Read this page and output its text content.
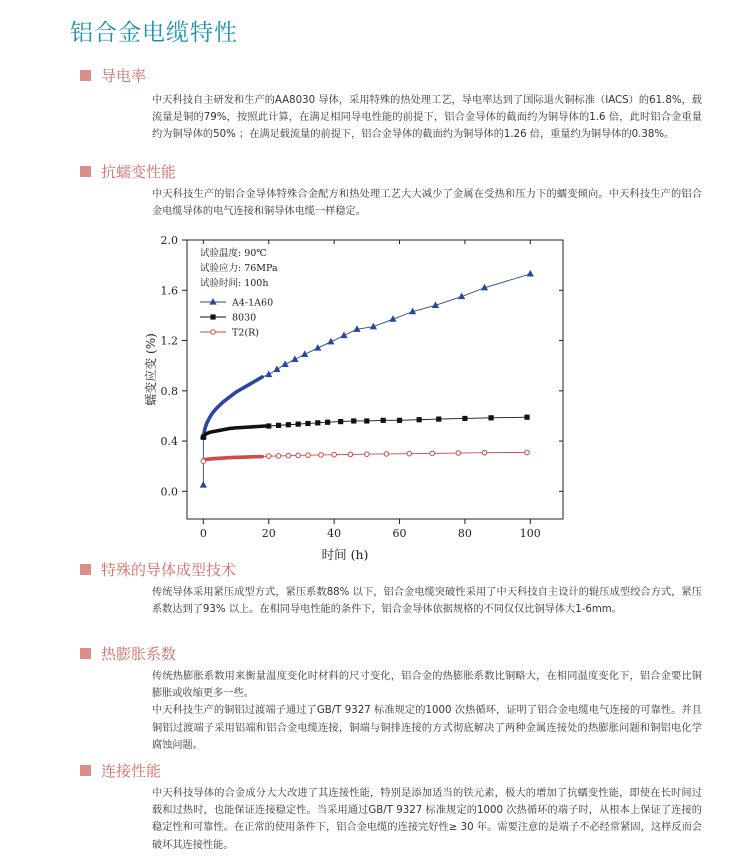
铝合金电缆特性
导电率

中天科技自主研发和生产的AA8030 导体，采用特殊的热处理工艺，导电率达到了国际退火铜标准（IACS）的61.8%，载流量是铜的79%，按照此计算，在满足相同导电性能的前提下，铝合金导体的截面约为铜导体的1.6 倍，此时铝合金重量约为铜导体的50% ；在满足载流量的前提下，铝合金导体的截面约为铜导体的1.26 倍，重量约为铜导体的0.38%。

抗蠕变性能

中天科技生产的铝合金导体特殊合金配方和热处理工艺大大减少了金属在受热和压力下的蠕变倾向。中天科技生产的铝合金电缆导体的电气连接和铜导体电缆一样稳定。

0	20	40	60	80	100
0.0
0.4
0.8
1.2
1.6
2.0
时间 (h)
蠕变应变 (%)
试验温度: 90℃
试验应力: 76MPa
试验时间: 100h
A4-1A60
8030
T2(R)
特殊的导体成型技术

传统导体采用紧压成型方式，紧压系数88% 以下，铝合金电缆突破性采用了中天科技自主设计的辊压成型绞合方式，紧压系数达到了93% 以上。在相同导电性能的条件下，铝合金导体依据规格的不同仅仅比铜导体大1-6mm。

热膨胀系数

传统热膨胀系数用来衡量温度变化时材料的尺寸变化，铝合金的热膨胀系数比铜略大，在相同温度变化下，铝合金要比铜膨胀或收缩更多一些。

中天科技生产的铜铝过渡端子通过了GB/T 9327 标准规定的1000 次热循环，证明了铝合金电缆电气连接的可靠性。并且铜铝过渡端子采用铝端和铝合金电缆连接，铜端与铜排连接的方式彻底解决了两种金属连接处的热膨胀问题和铜铝电化学腐蚀问题。

连接性能

中天科技导体的合金成分大大改进了其连接性能，特别是添加适当的铁元素，极大的增加了抗蠕变性能，即使在长时间过载和过热时，也能保证连接稳定性。当采用通过GB/T 9327 标准规定的1000 次热循环的端子时，从根本上保证了连接的稳定性和可靠性。在正常的使用条件下，铝合金电缆的连接完好性≥ 30 年。需要注意的是端子不必经常紧固，这样反而会破坏其连接性能。
